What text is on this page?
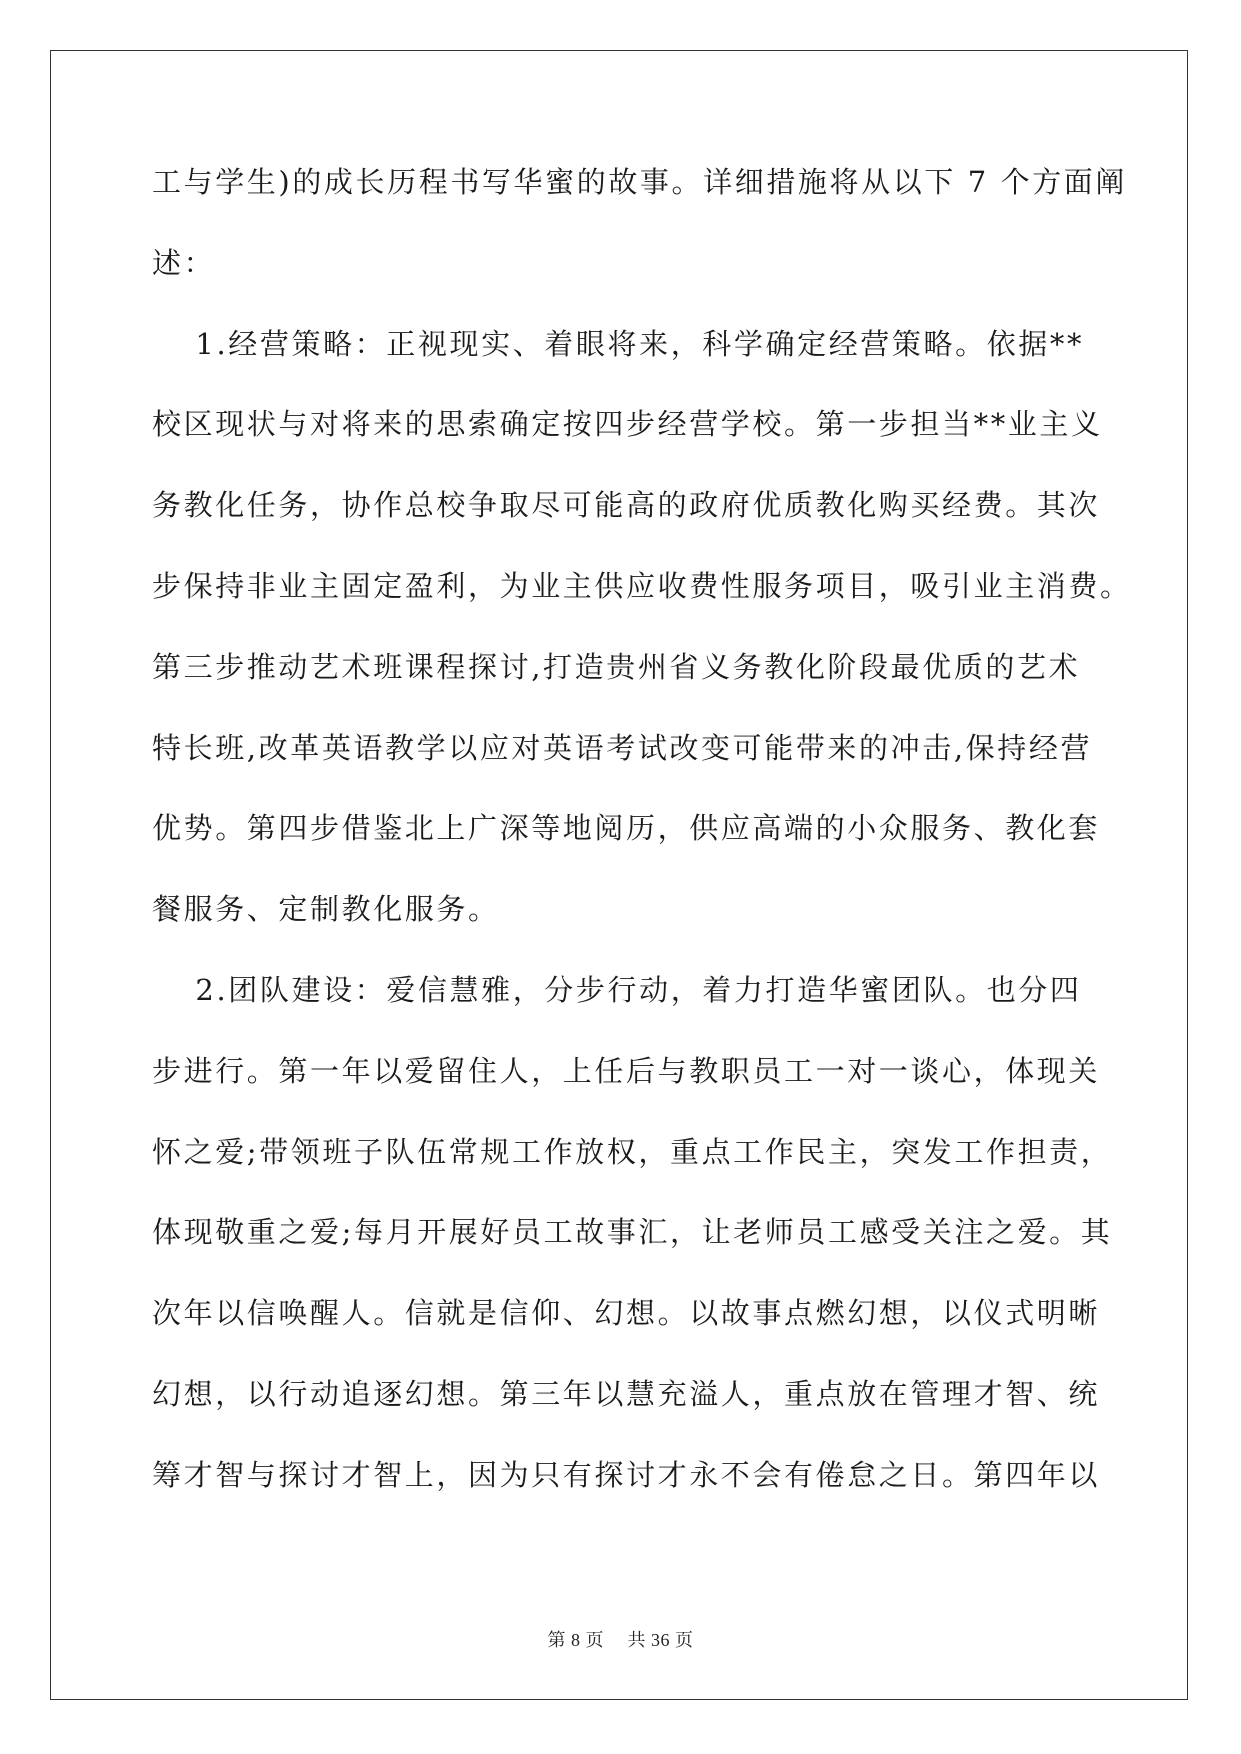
工与学生)的成长历程书写华蜜的故事。详细措施将从以下 7 个方面阐
述：
　 1.经营策略：正视现实、着眼将来，科学确定经营策略。依据**
校区现状与对将来的思索确定按四步经营学校。第一步担当**业主义
务教化任务，协作总校争取尽可能高的政府优质教化购买经费。其次
步保持非业主固定盈利，为业主供应收费性服务项目，吸引业主消费。
第三步推动艺术班课程探讨,打造贵州省义务教化阶段最优质的艺术
特长班,改革英语教学以应对英语考试改变可能带来的冲击,保持经营
优势。第四步借鉴北上广深等地阅历，供应高端的小众服务、教化套
餐服务、定制教化服务。
　 2.团队建设：爱信慧雅，分步行动，着力打造华蜜团队。也分四
步进行。第一年以爱留住人，上任后与教职员工一对一谈心，体现关
怀之爱;带领班子队伍常规工作放权，重点工作民主，突发工作担责，
体现敬重之爱;每月开展好员工故事汇，让老师员工感受关注之爱。其
次年以信唤醒人。信就是信仰、幻想。以故事点燃幻想，以仪式明晰
幻想，以行动追逐幻想。第三年以慧充溢人，重点放在管理才智、统
筹才智与探讨才智上，因为只有探讨才永不会有倦怠之日。第四年以
第 8 页　 共 36 页
